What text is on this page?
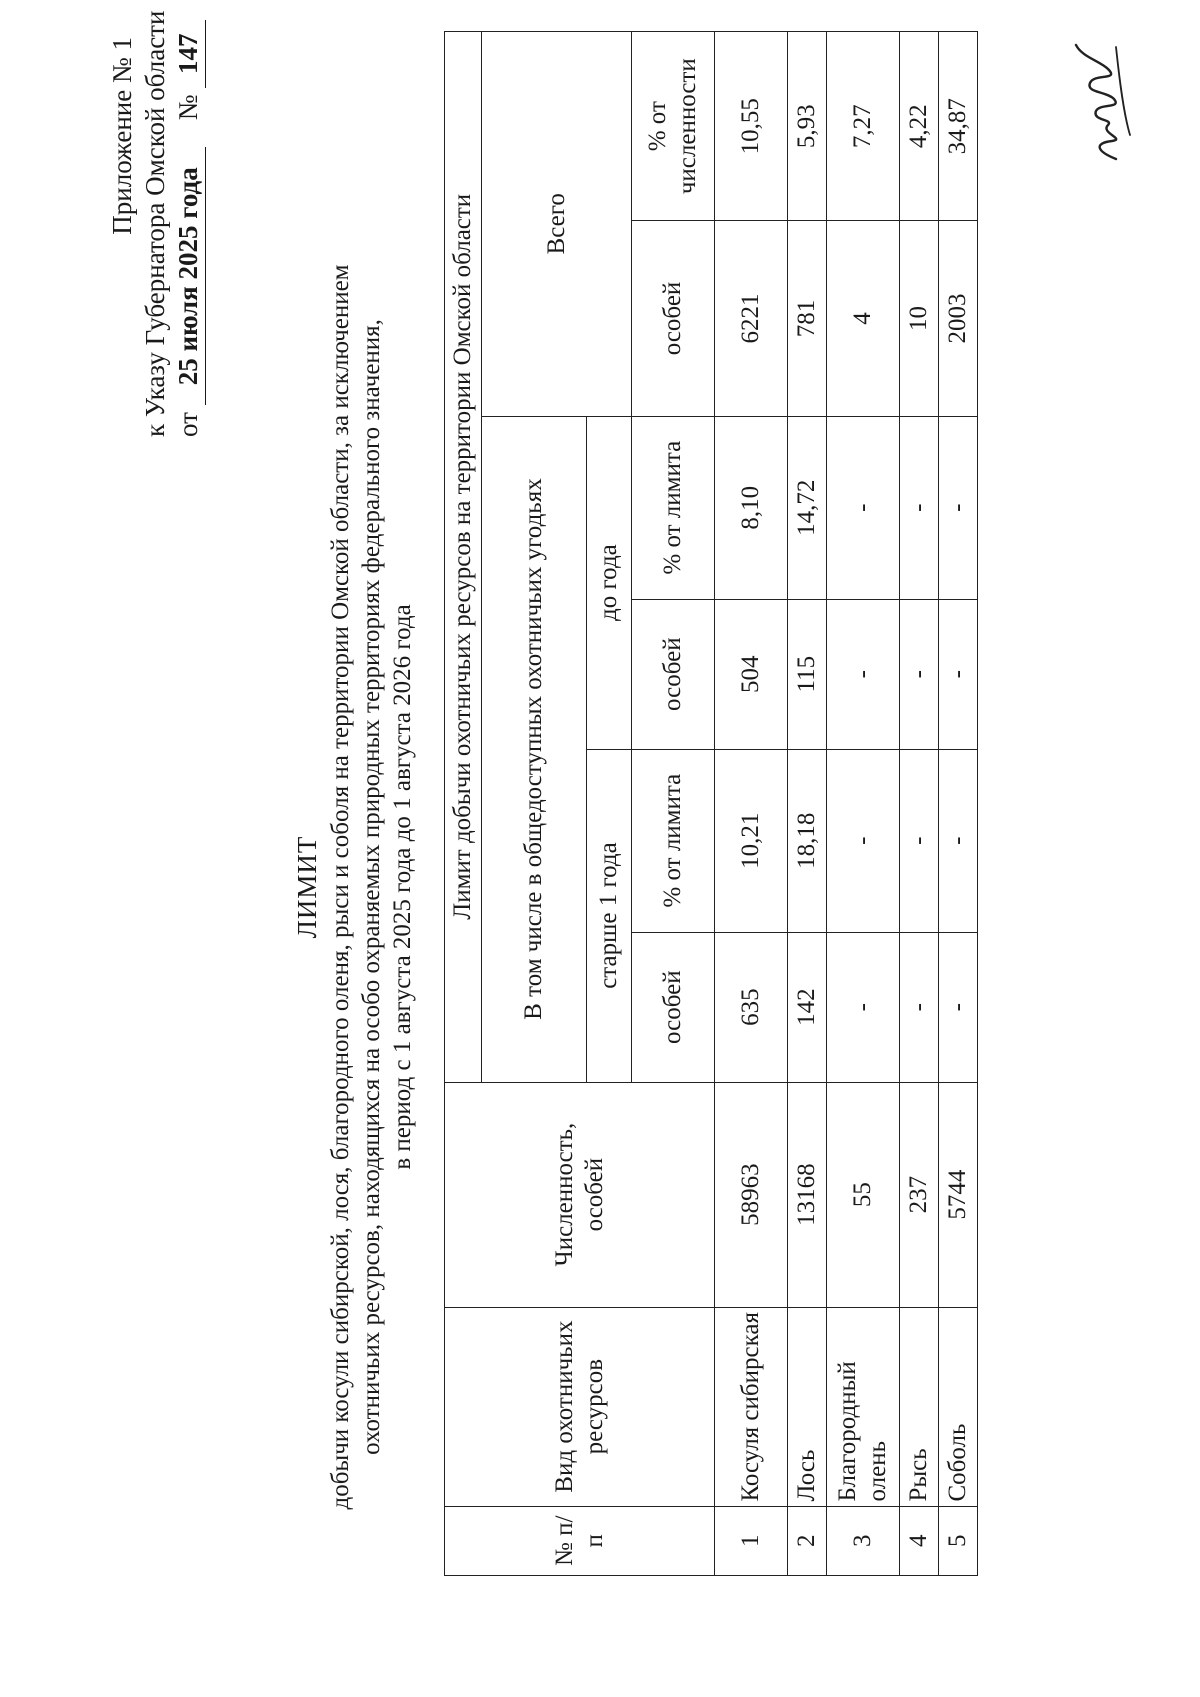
Приложение № 1 к Указу Губернатора Омской области от 25 июля 2025 года    № 147
ЛИМИТ добычи косули сибирской, лося, благородного оленя, рыси и соболя на территории Омской области, за исключением охотничьих ресурсов, находящихся на особо охраняемых природных территориях федерального значения, в период с 1 августа 2025 года до 1 августа 2026 года
№ п/п	Вид охотничьих ресурсов	Численность, особей	Лимит добычи охотничьих ресурсов на территории Омской области					
			В том числе в общедоступных охотничьих угодьях				Всего	
			старше 1 года		до года			
			особей	% от лимита	особей	% от лимита	особей	% от численности
1	Косуля сибирская	58963	635	10,21	504	8,10	6221	10,55
2	Лось	13168	142	18,18	115	14,72	781	5,93
3	Благородный олень	55	-	-	-	-	4	7,27
4	Рысь	237	-	-	-	-	10	4,22
5	Соболь	5744	-	-	-	-	2003	34,87
